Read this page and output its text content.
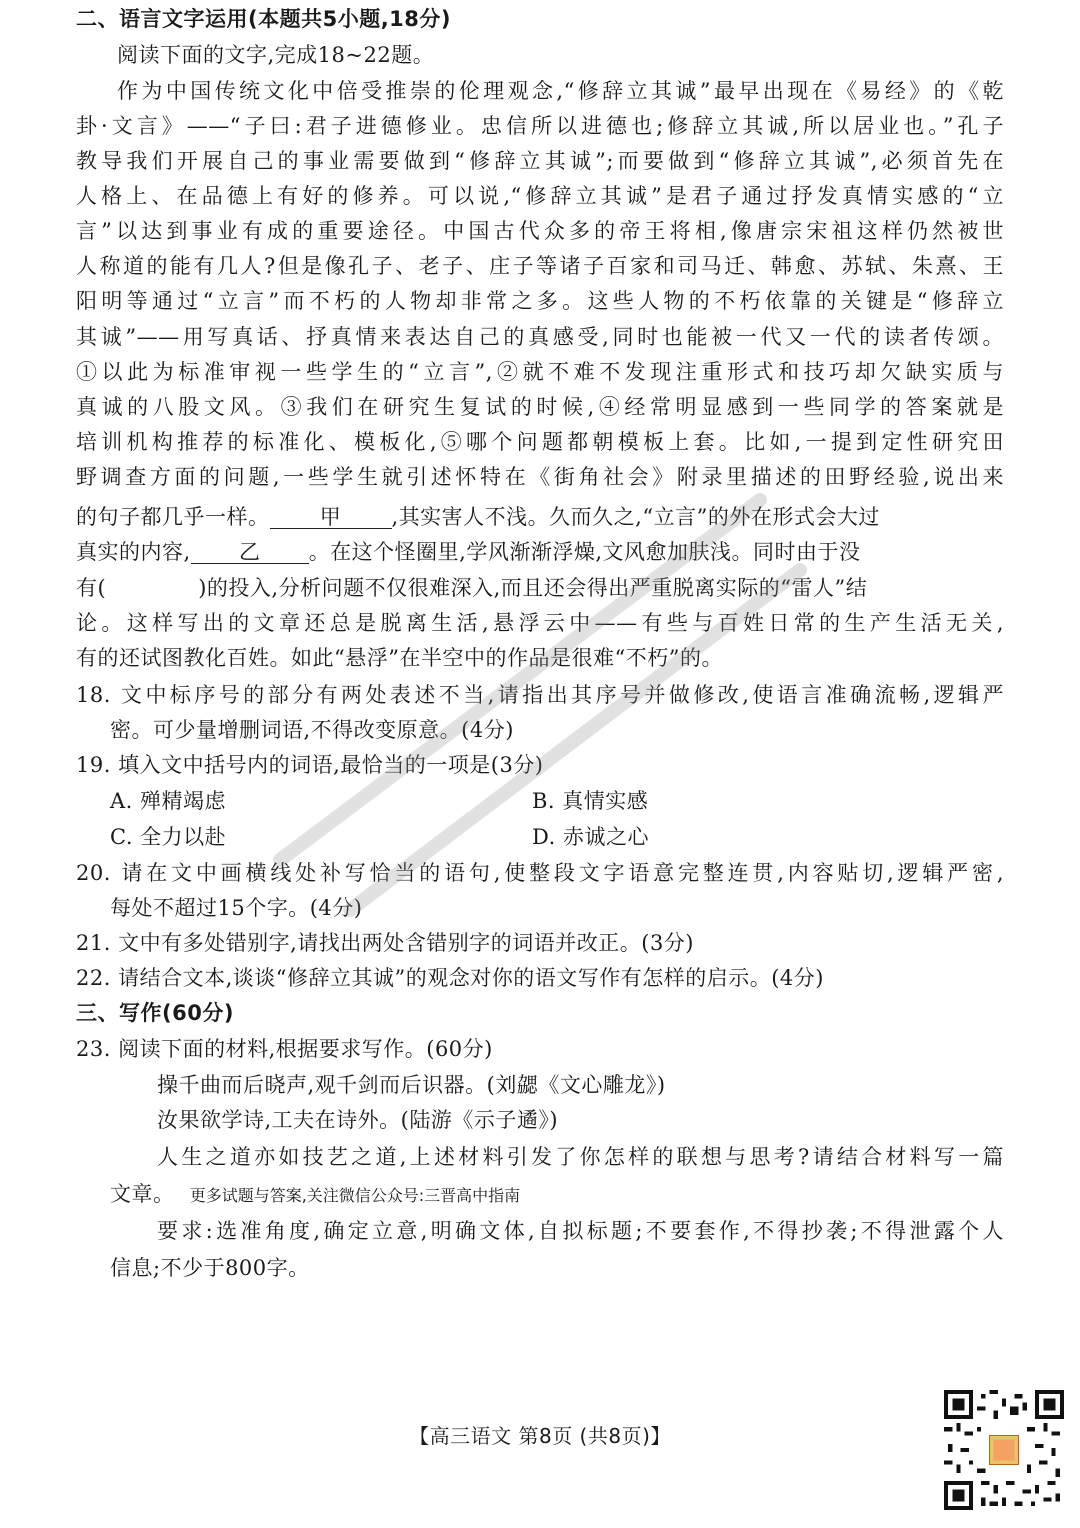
二、语言文字运用(本题共5小题,18分)
阅读下面的文字,完成18~22题。
作为中国传统文化中倍受推崇的伦理观念,“修辞立其诚”最早出现在《易经》的《乾
卦·文言》——“子曰:君子进德修业。忠信所以进德也;修辞立其诚,所以居业也。”孔子
教导我们开展自己的事业需要做到“修辞立其诚”;而要做到“修辞立其诚”,必须首先在
人格上、在品德上有好的修养。可以说,“修辞立其诚”是君子通过抒发真情实感的“立
言”以达到事业有成的重要途径。中国古代众多的帝王将相,像唐宗宋祖这样仍然被世
人称道的能有几人?但是像孔子、老子、庄子等诸子百家和司马迁、韩愈、苏轼、朱熹、王
阳明等通过“立言”而不朽的人物却非常之多。这些人物的不朽依靠的关键是“修辞立
其诚”——用写真话、抒真情来表达自己的真感受,同时也能被一代又一代的读者传颂。
①以此为标准审视一些学生的“立言”,②就不难不发现注重形式和技巧却欠缺实质与
真诚的八股文风。③我们在研究生复试的时候,④经常明显感到一些同学的答案就是
培训机构推荐的标准化、模板化,⑤哪个问题都朝模板上套。比如,一提到定性研究田
野调查方面的问题,一些学生就引述怀特在《街角社会》附录里描述的田野经验,说出来
的句子都几乎一样。 甲 ,其实害人不浅。久而久之,“立言”的外在形式会大过
真实的内容, 乙 。在这个怪圈里,学风渐渐浮燥,文风愈加肤浅。同时由于没
有(	)的投入,分析问题不仅很难深入,而且还会得出严重脱离实际的“雷人”结
论。这样写出的文章还总是脱离生活,悬浮云中——有些与百姓日常的生产生活无关,
有的还试图教化百姓。如此“悬浮”在半空中的作品是很难“不朽”的。
18. 文中标序号的部分有两处表述不当,请指出其序号并做修改,使语言准确流畅,逻辑严
密。可少量增删词语,不得改变原意。(4分)
19. 填入文中括号内的词语,最恰当的一项是(3分)
A. 殚精竭虑	B. 真情实感
C. 全力以赴	D. 赤诚之心
20. 请在文中画横线处补写恰当的语句,使整段文字语意完整连贯,内容贴切,逻辑严密,
每处不超过15个字。(4分)
21. 文中有多处错别字,请找出两处含错别字的词语并改正。(3分)
22. 请结合文本,谈谈“修辞立其诚”的观念对你的语文写作有怎样的启示。(4分)
三、写作(60分)
23. 阅读下面的材料,根据要求写作。(60分)
操千曲而后晓声,观千剑而后识器。(刘勰《文心雕龙》)
汝果欲学诗,工夫在诗外。(陆游《示子遹》)
人生之道亦如技艺之道,上述材料引发了你怎样的联想与思考?请结合材料写一篇
文章。 更多试题与答案,关注微信公众号:三晋高中指南
要求:选准角度,确定立意,明确文体,自拟标题;不要套作,不得抄袭;不得泄露个人
信息;不少于800字。
【高三语文 第8页 (共8页)】
